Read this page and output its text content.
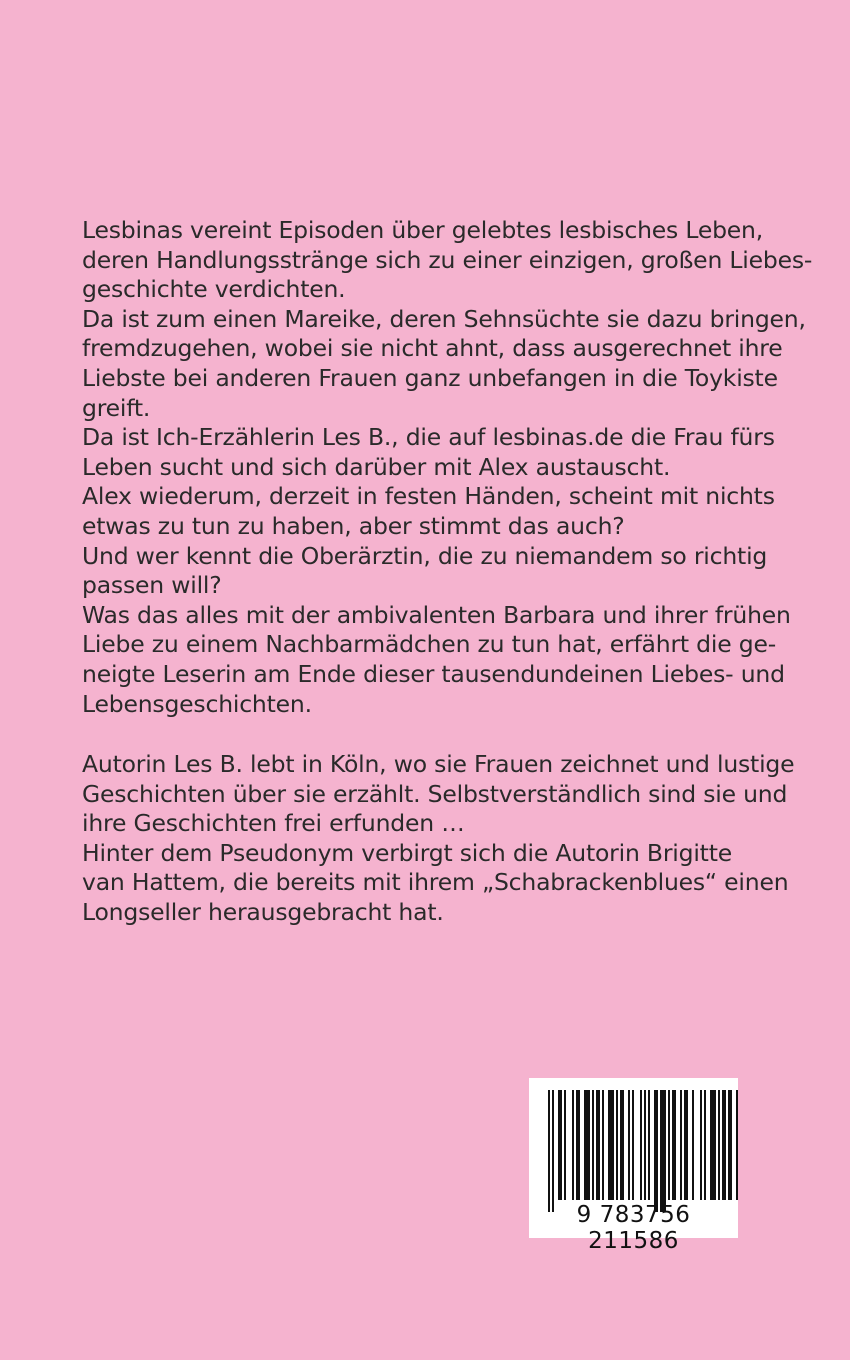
Lesbinas vereint Episoden über gelebtes lesbisches Leben,

deren Handlungsstränge sich zu einer einzigen, großen Liebes-

geschichte verdichten.

Da ist zum einen Mareike, deren Sehnsüchte sie dazu bringen,

fremdzugehen, wobei sie nicht ahnt, dass ausgerechnet ihre

Liebste bei anderen Frauen ganz unbefangen in die Toykiste

greift.

Da ist Ich-Erzählerin Les B., die auf lesbinas.de die Frau fürs

Leben sucht und sich darüber mit Alex austauscht.

Alex wiederum, derzeit in festen Händen, scheint mit nichts

etwas zu tun zu haben, aber stimmt das auch?

Und wer kennt die Oberärztin, die zu niemandem so richtig

passen will?

Was das alles mit der ambivalenten Barbara und ihrer frühen

Liebe zu einem Nachbarmädchen zu tun hat, erfährt die ge-

neigte Leserin am Ende dieser tausendundeinen Liebes- und

Lebensgeschichten.

Autorin Les B. lebt in Köln, wo sie Frauen zeichnet und lustige

Geschichten über sie erzählt. Selbstverständlich sind sie und

ihre Geschichten frei erfunden …

Hinter dem Pseudonym verbirgt sich die Autorin Brigitte

van Hattem, die bereits mit ihrem „Schabrackenblues“ einen

Longseller herausgebracht hat.

9 783756 211586
